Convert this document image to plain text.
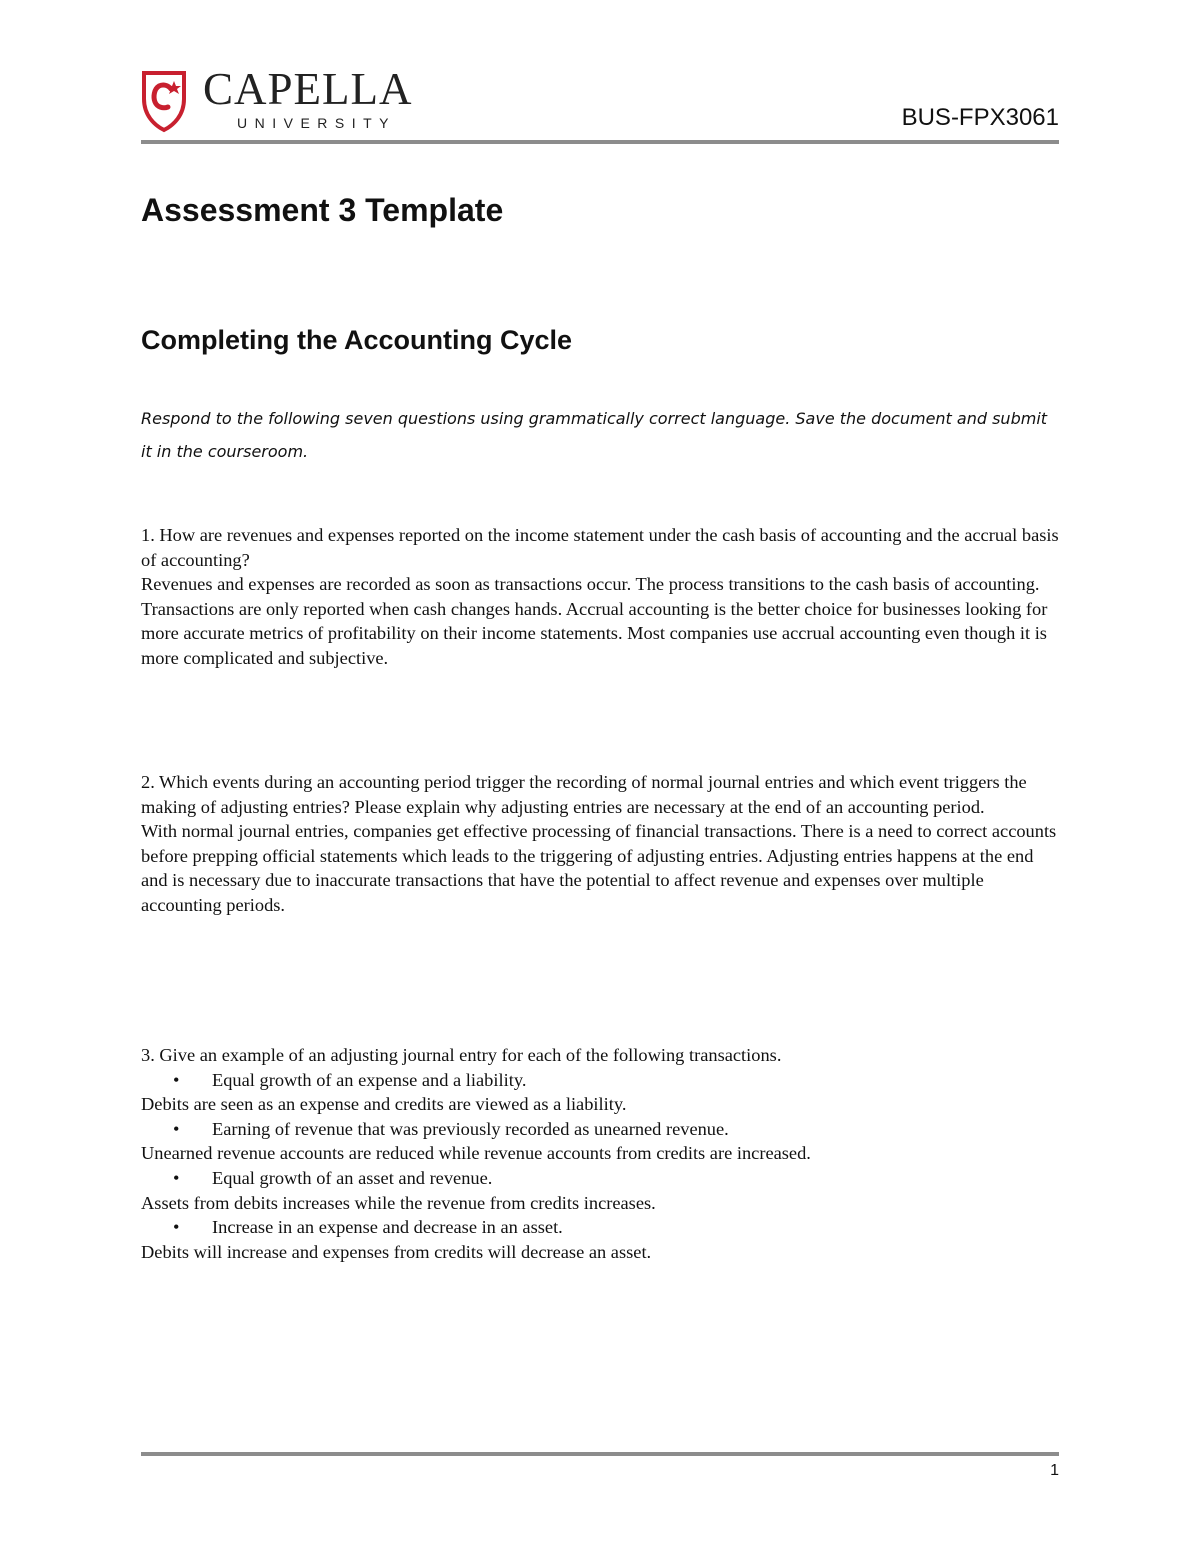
CAPELLA
UNIVERSITY	BUS-FPX3061
Assessment 3 Template
Completing the Accounting Cycle

Respond to the following seven questions using grammatically correct language. Save the document and submit it in the courseroom.

1. How are revenues and expenses reported on the income statement under the cash basis of accounting and the accrual basis of accounting?

Revenues and expenses are recorded as soon as transactions occur. The process transitions to the cash basis of accounting. Transactions are only reported when cash changes hands. Accrual accounting is the better choice for businesses looking for more accurate metrics of profitability on their income statements. Most companies use accrual accounting even though it is more complicated and subjective.

2. Which events during an accounting period trigger the recording of normal journal entries and which event triggers the making of adjusting entries? Please explain why adjusting entries are necessary at the end of an accounting period.

With normal journal entries, companies get effective processing of financial transactions. There is a need to correct accounts before prepping official statements which leads to the triggering of adjusting entries. Adjusting entries happens at the end and is necessary due to inaccurate transactions that have the potential to affect revenue and expenses over multiple accounting periods.

3. Give an example of an adjusting journal entry for each of the following transactions.

• Equal growth of an expense and a liability.

Debits are seen as an expense and credits are viewed as a liability.

• Earning of revenue that was previously recorded as unearned revenue.

Unearned revenue accounts are reduced while revenue accounts from credits are increased.

• Equal growth of an asset and revenue.

Assets from debits increases while the revenue from credits increases.

• Increase in an expense and decrease in an asset.

Debits will increase and expenses from credits will decrease an asset.

1
